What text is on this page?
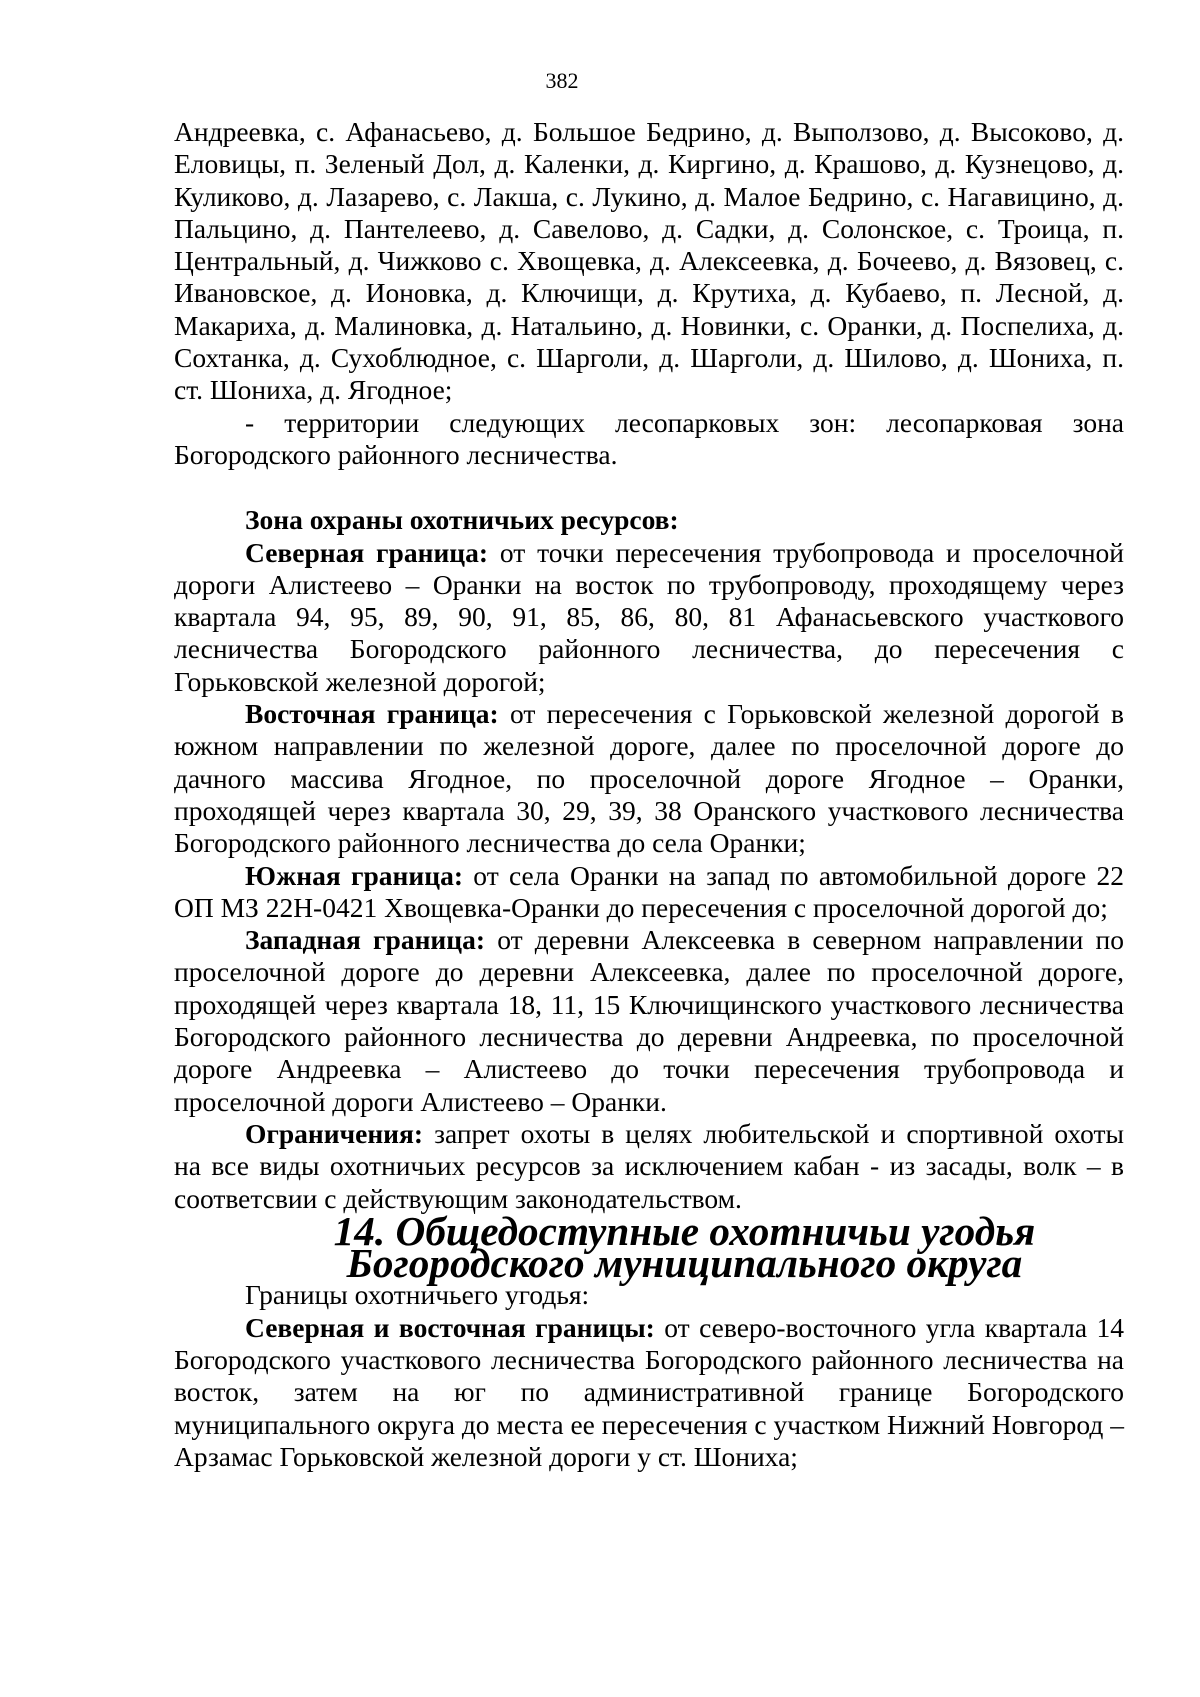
382

Андреевка, с. Афанасьево, д. Большое Бедрино, д. Выползово, д. Высоково, д. Еловицы, п. Зеленый Дол, д. Каленки, д. Киргино, д. Крашово, д. Кузнецово, д. Куликово, д. Лазарево, с. Лакша, с. Лукино, д. Малое Бедрино, с. Нагавицино, д. Пальцино, д. Пантелеево, д. Савелово, д. Садки, д. Солонское, с. Троица, п. Центральный, д. Чижково с. Хвощевка, д. Алексеевка, д. Бочеево, д. Вязовец, с. Ивановское, д. Ионовка, д. Ключищи, д. Крутиха, д. Кубаево, п. Лесной, д. Макариха, д. Малиновка, д. Натальино, д. Новинки, с. Оранки, д. Поспелиха, д. Сохтанка, д. Сухоблюдное, с. Шарголи, д. Шарголи, д. Шилово, д. Шониха, п. ст. Шониха, д. Ягодное;

- территории следующих лесопарковых зон: лесопарковая зона Богородского районного лесничества.

Зона охраны охотничьих ресурсов:

Северная граница: от точки пересечения трубопровода и проселочной дороги Алистеево – Оранки на восток по трубопроводу, проходящему через квартала 94, 95, 89, 90, 91, 85, 86, 80, 81 Афанасьевского участкового лесничества Богородского районного лесничества, до пересечения с Горьковской железной дорогой;

Восточная граница: от пересечения с Горьковской железной дорогой в южном направлении по железной дороге, далее по проселочной дороге до дачного массива Ягодное, по проселочной дороге Ягодное – Оранки, проходящей через квартала 30, 29, 39, 38 Оранского участкового лесничества Богородского районного лесничества до села Оранки;

Южная граница: от села Оранки на запад по автомобильной дороге 22 ОП МЗ 22Н-0421 Хвощевка-Оранки до пересечения с проселочной дорогой до;

Западная граница: от деревни Алексеевка в северном направлении по проселочной дороге до деревни Алексеевка, далее по проселочной дороге, проходящей через квартала 18, 11, 15 Ключищинского участкового лесничества Богородского районного лесничества до деревни Андреевка, по проселочной дороге Андреевка – Алистеево до точки пересечения трубопровода и проселочной дороги Алистеево – Оранки.

Ограничения: запрет охоты в целях любительской и спортивной охоты на все виды охотничьих ресурсов за исключением кабан - из засады, волк – в соответсвии с действующим законодательством.

14. Общедоступные охотничьи угодья Богородского муниципального округа

Границы охотничьего угодья:

Северная и восточная границы: от северо-восточного угла квартала 14 Богородского участкового лесничества Богородского районного лесничества на восток, затем на юг по административной границе Богородского муниципального округа до места ее пересечения с участком Нижний Новгород – Арзамас Горьковской железной дороги у ст. Шониха;
